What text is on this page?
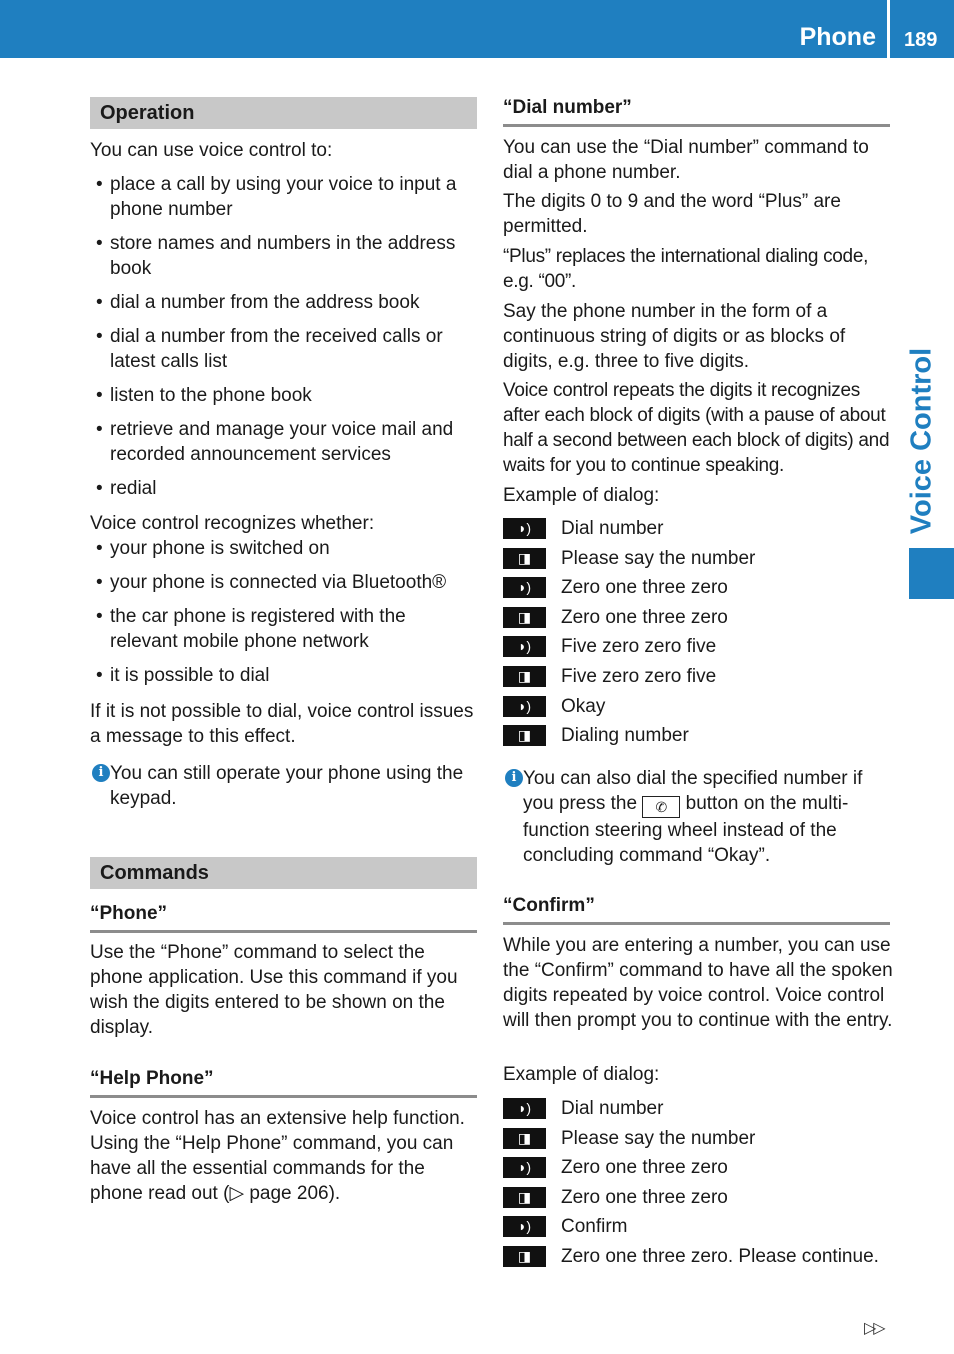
Phone 189
Voice Control
Operation

You can use voice control to:

• place a call by using your voice to input a phone number
• store names and numbers in the address book
• dial a number from the address book
• dial a number from the received calls or latest calls list
• listen to the phone book
• retrieve and manage your voice mail and recorded announcement services
• redial

Voice control recognizes whether:

• your phone is switched on
• your phone is connected via Bluetooth®
• the car phone is registered with the relevant mobile phone network
• it is possible to dial

If it is not possible to dial, voice control issues a message to this effect.

i You can still operate your phone using the keypad.
Commands
“Phone”

Use the “Phone” command to select the phone application. Use this command if you wish the digits entered to be shown on the display.

“Help Phone”

Voice control has an extensive help function. Using the “Help Phone” command, you can have all the essential commands for the phone read out (▷ page 206).

“Dial number”

You can use the “Dial number” command to dial a phone number.

The digits 0 to 9 and the word “Plus” are permitted.

“Plus” replaces the international dialing code, e.g. “00”.

Say the phone number in the form of a continuous string of digits or as blocks of digits, e.g. three to five digits.

Voice control repeats the digits it recognizes after each block of digits (with a pause of about half a second between each block of digits) and waits for you to continue speaking.

Example of dialog:

◗)	Dial number
◨	Please say the number
◗)	Zero one three zero
◨	Zero one three zero
◗)	Five zero zero five
◨	Five zero zero five
◗)	Okay
◨	Dialing number
i You can also dial the specified number if you press the ✆ button on the multi-function steering wheel instead of the concluding command “Okay”.
“Confirm”

While you are entering a number, you can use the “Confirm” command to have all the spoken digits repeated by voice control. Voice control will then prompt you to continue with the entry.

Example of dialog:

◗)	Dial number
◨	Please say the number
◗)	Zero one three zero
◨	Zero one three zero
◗)	Confirm
◨	Zero one three zero. Please continue.
▷▷
